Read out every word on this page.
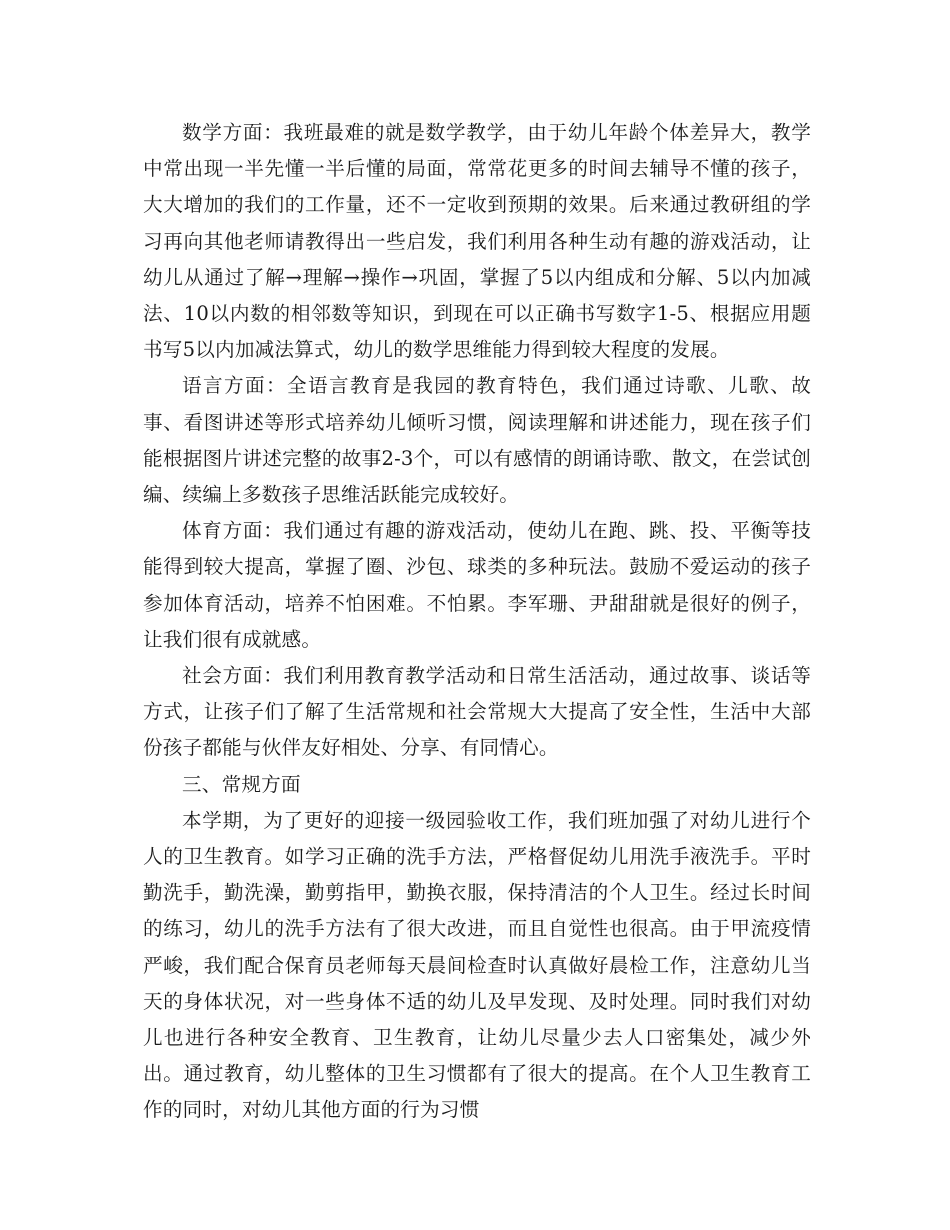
数学方面：我班最难的就是数学教学，由于幼儿年龄个体差异大，教学中常出现一半先懂一半后懂的局面，常常花更多的时间去辅导不懂的孩子，大大增加的我们的工作量，还不一定收到预期的效果。后来通过教研组的学习再向其他老师请教得出一些启发，我们利用各种生动有趣的游戏活动，让幼儿从通过了解→理解→操作→巩固，掌握了5以内组成和分解、5以内加减法、10以内数的相邻数等知识，到现在可以正确书写数字1-5、根据应用题书写5以内加减法算式，幼儿的数学思维能力得到较大程度的发展。

语言方面：全语言教育是我园的教育特色，我们通过诗歌、儿歌、故事、看图讲述等形式培养幼儿倾听习惯，阅读理解和讲述能力，现在孩子们能根据图片讲述完整的故事2-3个，可以有感情的朗诵诗歌、散文，在尝试创编、续编上多数孩子思维活跃能完成较好。

体育方面：我们通过有趣的游戏活动，使幼儿在跑、跳、投、平衡等技能得到较大提高，掌握了圈、沙包、球类的多种玩法。鼓励不爱运动的孩子参加体育活动，培养不怕困难。不怕累。李军珊、尹甜甜就是很好的例子，让我们很有成就感。

社会方面：我们利用教育教学活动和日常生活活动，通过故事、谈话等方式，让孩子们了解了生活常规和社会常规大大提高了安全性，生活中大部份孩子都能与伙伴友好相处、分享、有同情心。

三、常规方面

本学期，为了更好的迎接一级园验收工作，我们班加强了对幼儿进行个人的卫生教育。如学习正确的洗手方法，严格督促幼儿用洗手液洗手。平时勤洗手，勤洗澡，勤剪指甲，勤换衣服，保持清洁的个人卫生。经过长时间的练习，幼儿的洗手方法有了很大改进，而且自觉性也很高。由于甲流疫情严峻，我们配合保育员老师每天晨间检查时认真做好晨检工作，注意幼儿当天的身体状况，对一些身体不适的幼儿及早发现、及时处理。同时我们对幼儿也进行各种安全教育、卫生教育，让幼儿尽量少去人口密集处，减少外出。通过教育，幼儿整体的卫生习惯都有了很大的提高。在个人卫生教育工作的同时，对幼儿其他方面的行为习惯
